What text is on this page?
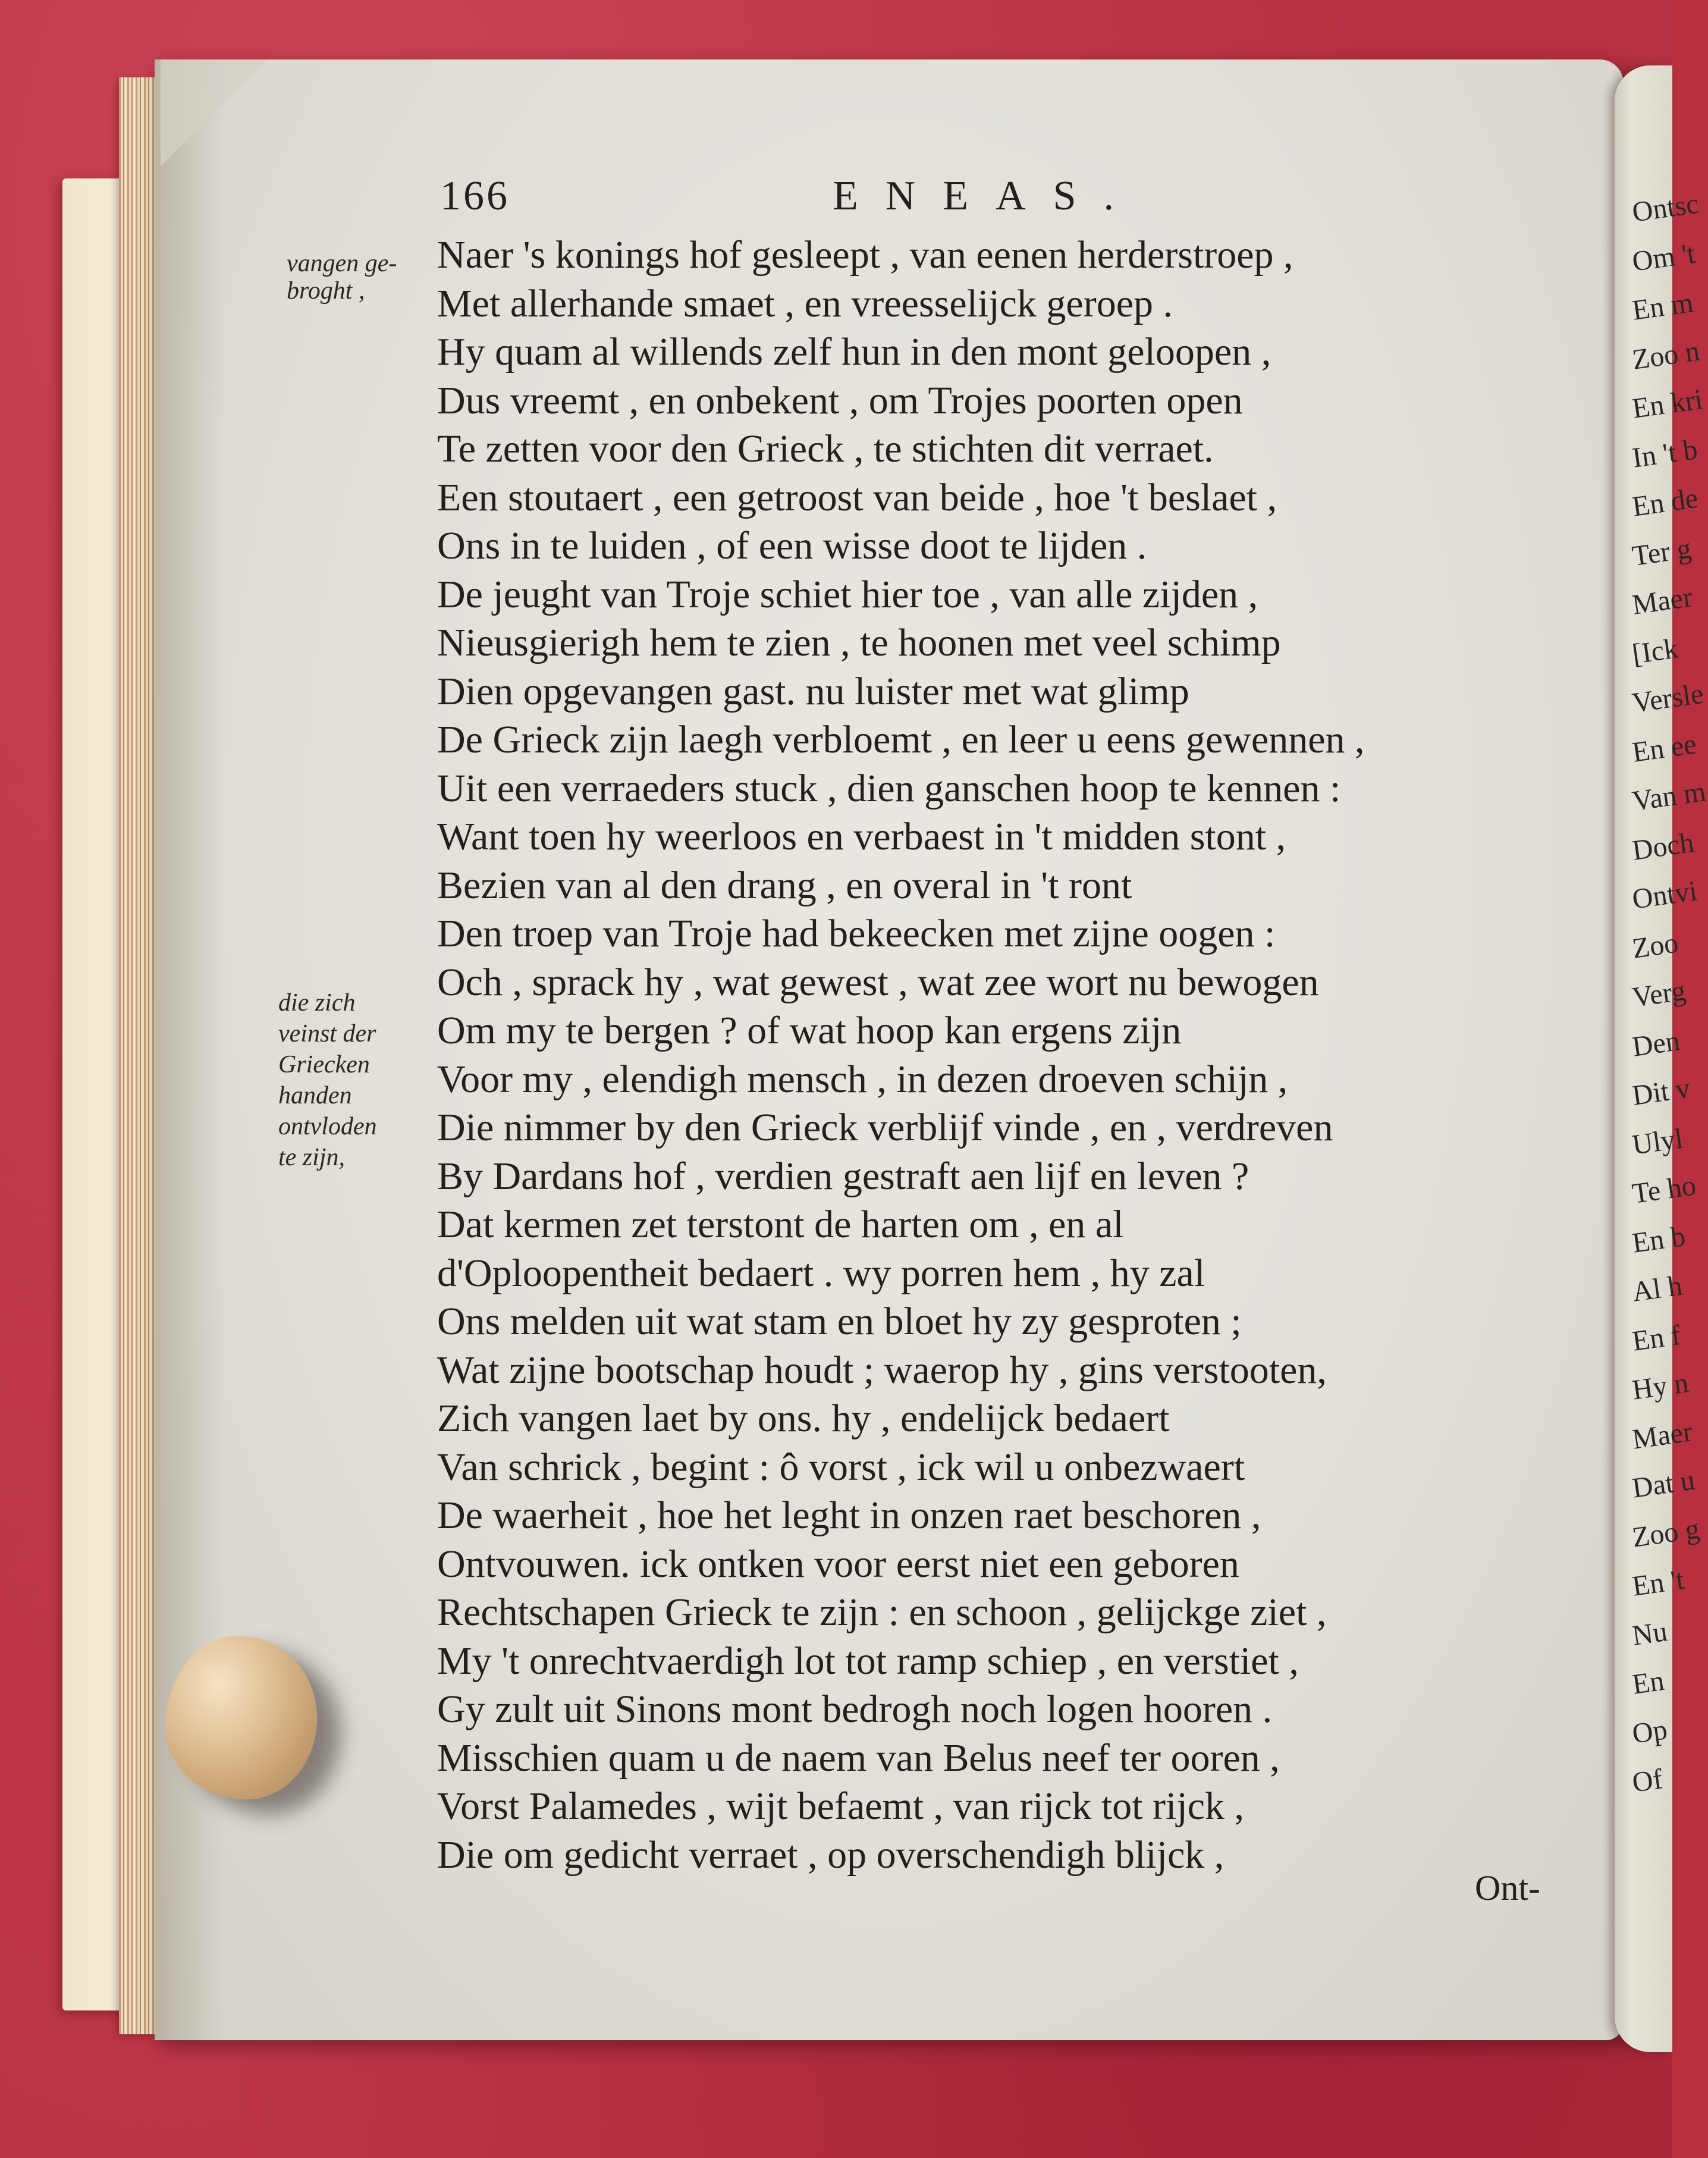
Ontsc
Om 't
En m
Zoo n
En kri
In 't b
En de
Ter g
Maer
[Ick
Versle
En ee
Van m
Doch
Ontvi
Zoo
Verg
Den
Dit v
Ulyl
Te ho
En b
Al h
En f
Hy n
Maer
Dat u
Zoo g
En 't
Nu
En
Op
Of
166	ENEAS.
vangen ge-
broght ,
die zich
veinst der
Griecken
handen
ontvloden
te zijn,
Naer 's konings hof gesleept , van eenen herderstroep ,
Met allerhande smaet , en vreesselijck geroep .
Hy quam al willends zelf hun in den mont geloopen ,
Dus vreemt , en onbekent , om Trojes poorten open
Te zetten voor den Grieck , te stichten dit verraet.
Een stoutaert , een getroost van beide , hoe 't beslaet ,
Ons in te luiden , of een wisse doot te lijden .
De jeught van Troje schiet hier toe , van alle zijden ,
Nieusgierigh hem te zien , te hoonen met veel schimp
Dien opgevangen gast. nu luister met wat glimp
De Grieck zijn laegh verbloemt , en leer u eens gewennen ,
Uit een verraeders stuck , dien ganschen hoop te kennen :
Want toen hy weerloos en verbaest in 't midden stont ,
Bezien van al den drang , en overal in 't ront
Den troep van Troje had bekeecken met zijne oogen :
Och , sprack hy , wat gewest , wat zee wort nu bewogen
Om my te bergen ? of wat hoop kan ergens zijn
Voor my , elendigh mensch , in dezen droeven schijn ,
Die nimmer by den Grieck verblijf vinde , en , verdreven
By Dardans hof , verdien gestraft aen lijf en leven ?
Dat kermen zet terstont de harten om , en al
d'Oploopentheit bedaert . wy porren hem , hy zal
Ons melden uit wat stam en bloet hy zy gesproten ;
Wat zijne bootschap houdt ; waerop hy , gins verstooten,
Zich vangen laet by ons. hy , endelijck bedaert
Van schrick , begint : ô vorst , ick wil u onbezwaert
De waerheit , hoe het leght in onzen raet beschoren ,
Ontvouwen. ick ontken voor eerst niet een geboren
Rechtschapen Grieck te zijn : en schoon , gelijckge ziet ,
My 't onrechtvaerdigh lot tot ramp schiep , en verstiet ,
Gy zult uit Sinons mont bedrogh noch logen hooren .
Misschien quam u de naem van Belus neef ter ooren ,
Vorst Palamedes , wijt befaemt , van rijck tot rijck ,
Die om gedicht verraet , op overschendigh blijck ,
Ont-
